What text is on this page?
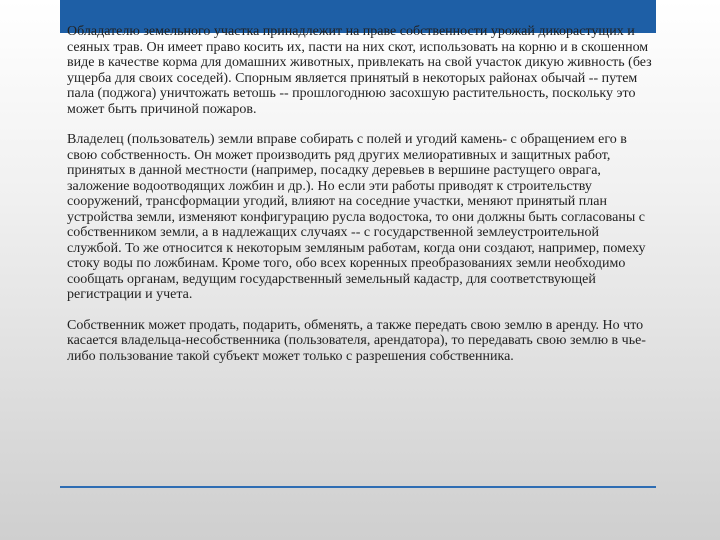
Обладателю земельного участка принадлежит на праве собственности урожай дикорастущих и сеяных трав. Он имеет право косить их, пасти на них скот, использовать на корню и в скошенном виде в качестве корма для домашних животных, привлекать на свой участок дикую живность (без ущерба для своих соседей). Спорным является принятый в некоторых районах обычай -- путем пала (поджога) уничтожать ветошь -- прошлогоднюю засохшую растительность, поскольку это может быть причиной пожаров.

Владелец (пользователь) земли вправе собирать с полей и угодий камень- с обращением его в свою собственность. Он может производить ряд других мелиоративных и защитных работ, принятых в данной местности (например, посадку деревьев в вершине растущего оврага, заложение водоотводящих ложбин и др.). Но если эти работы приводят к строительству сооружений, трансформации угодий, влияют на соседние участки, меняют принятый план устройства земли, изменяют конфигурацию русла водостока, то они должны быть согласованы с собственником земли, а в надлежащих случаях -- с государственной землеустроительной службой. То же относится к некоторым земляным работам, когда они создают, например, помеху стоку воды по ложбинам. Кроме того, обо всех коренных преобразованиях земли необходимо сообщать органам, ведущим государственный земельный кадастр, для соответствующей регистрации и учета.

Собственник может продать, подарить, обменять, а также передать свою землю в аренду. Но что касается владельца-несобственника (пользователя, арендатора), то передавать свою землю в чье-либо пользование такой субъект может только с разрешения собственника.
